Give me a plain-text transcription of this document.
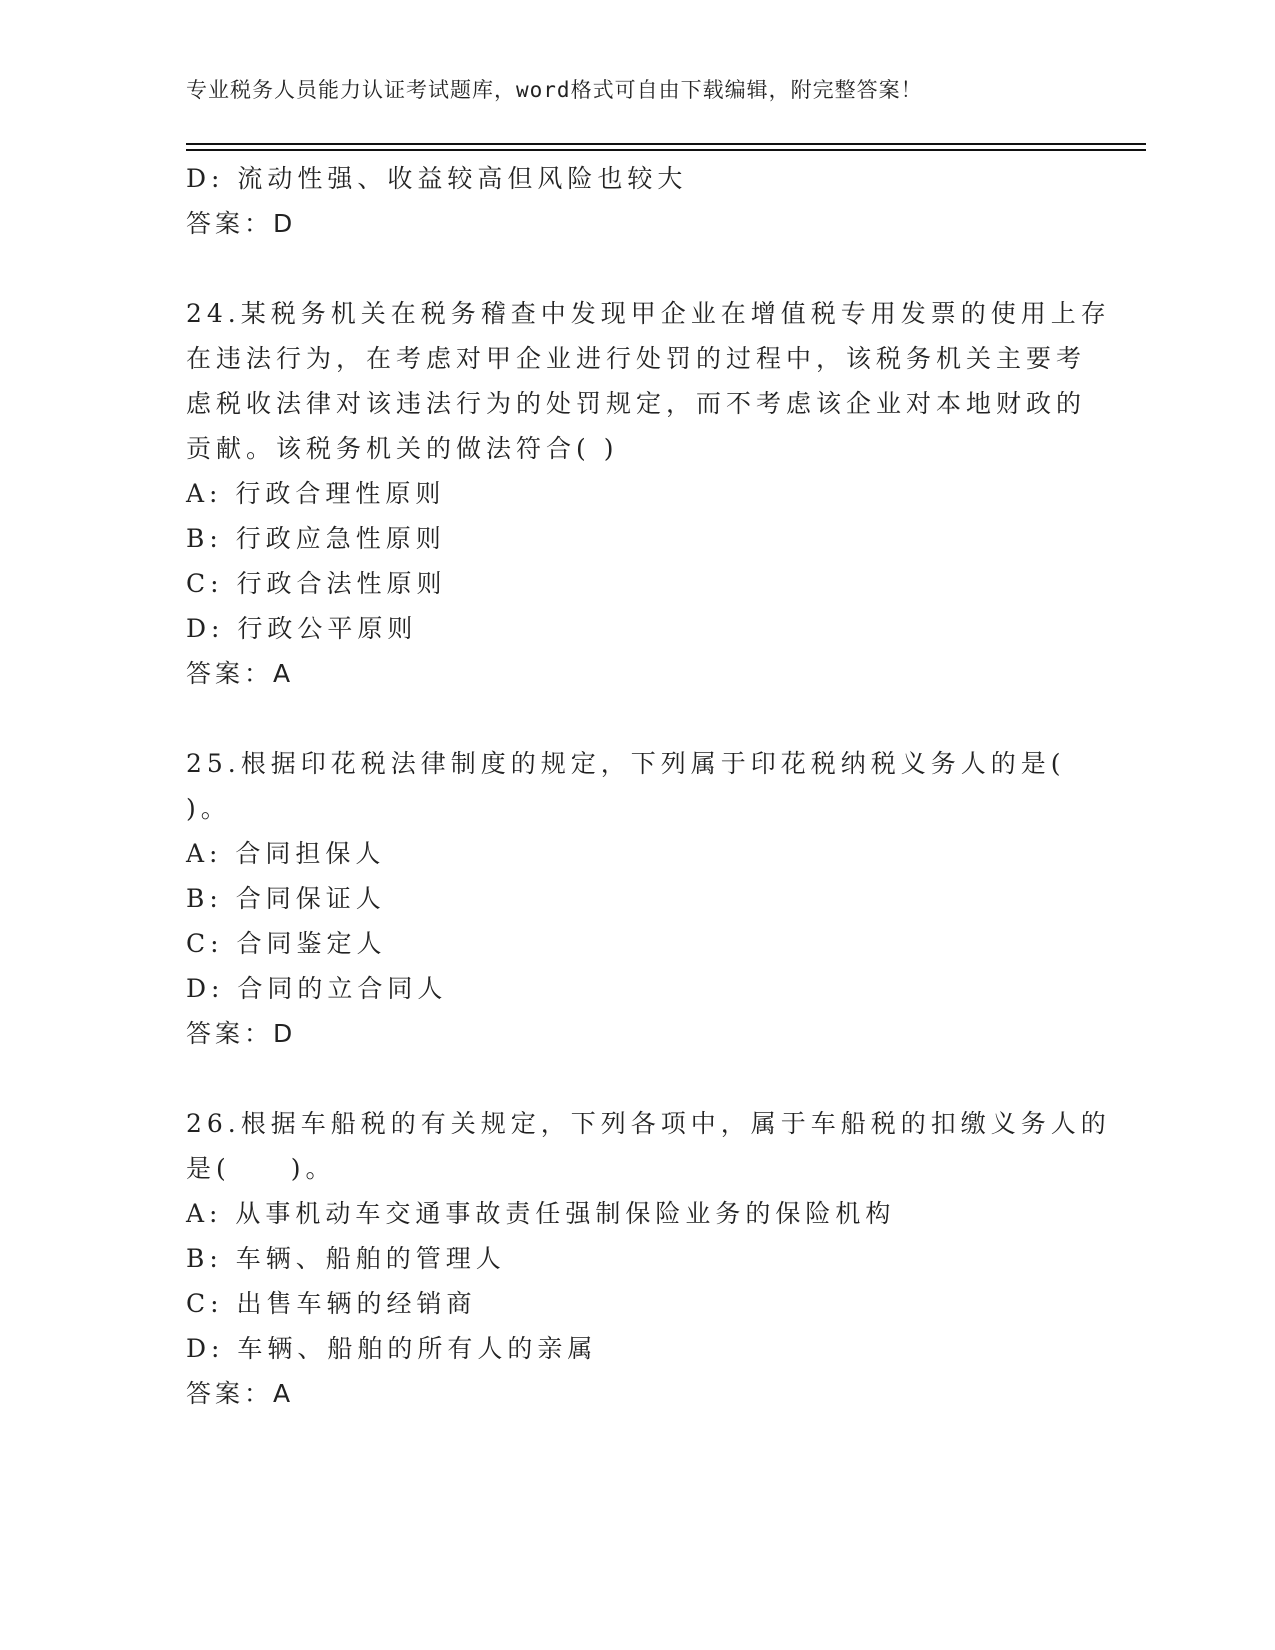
专业税务人员能力认证考试题库，word格式可自由下载编辑，附完整答案！
D: 流动性强、收益较高但风险也较大
答案：D
24.某税务机关在税务稽查中发现甲企业在增值税专用发票的使用上存
在违法行为，在考虑对甲企业进行处罚的过程中，该税务机关主要考
虑税收法律对该违法行为的处罚规定，而不考虑该企业对本地财政的
贡献。该税务机关的做法符合( )
A: 行政合理性原则
B: 行政应急性原则
C: 行政合法性原则
D: 行政公平原则
答案：A
25.根据印花税法律制度的规定，下列属于印花税纳税义务人的是(
)。
A: 合同担保人
B: 合同保证人
C: 合同鉴定人
D: 合同的立合同人
答案：D
26.根据车船税的有关规定，下列各项中，属于车船税的扣缴义务人的
是(　　)。
A: 从事机动车交通事故责任强制保险业务的保险机构
B: 车辆、船舶的管理人
C: 出售车辆的经销商
D: 车辆、船舶的所有人的亲属
答案：A
